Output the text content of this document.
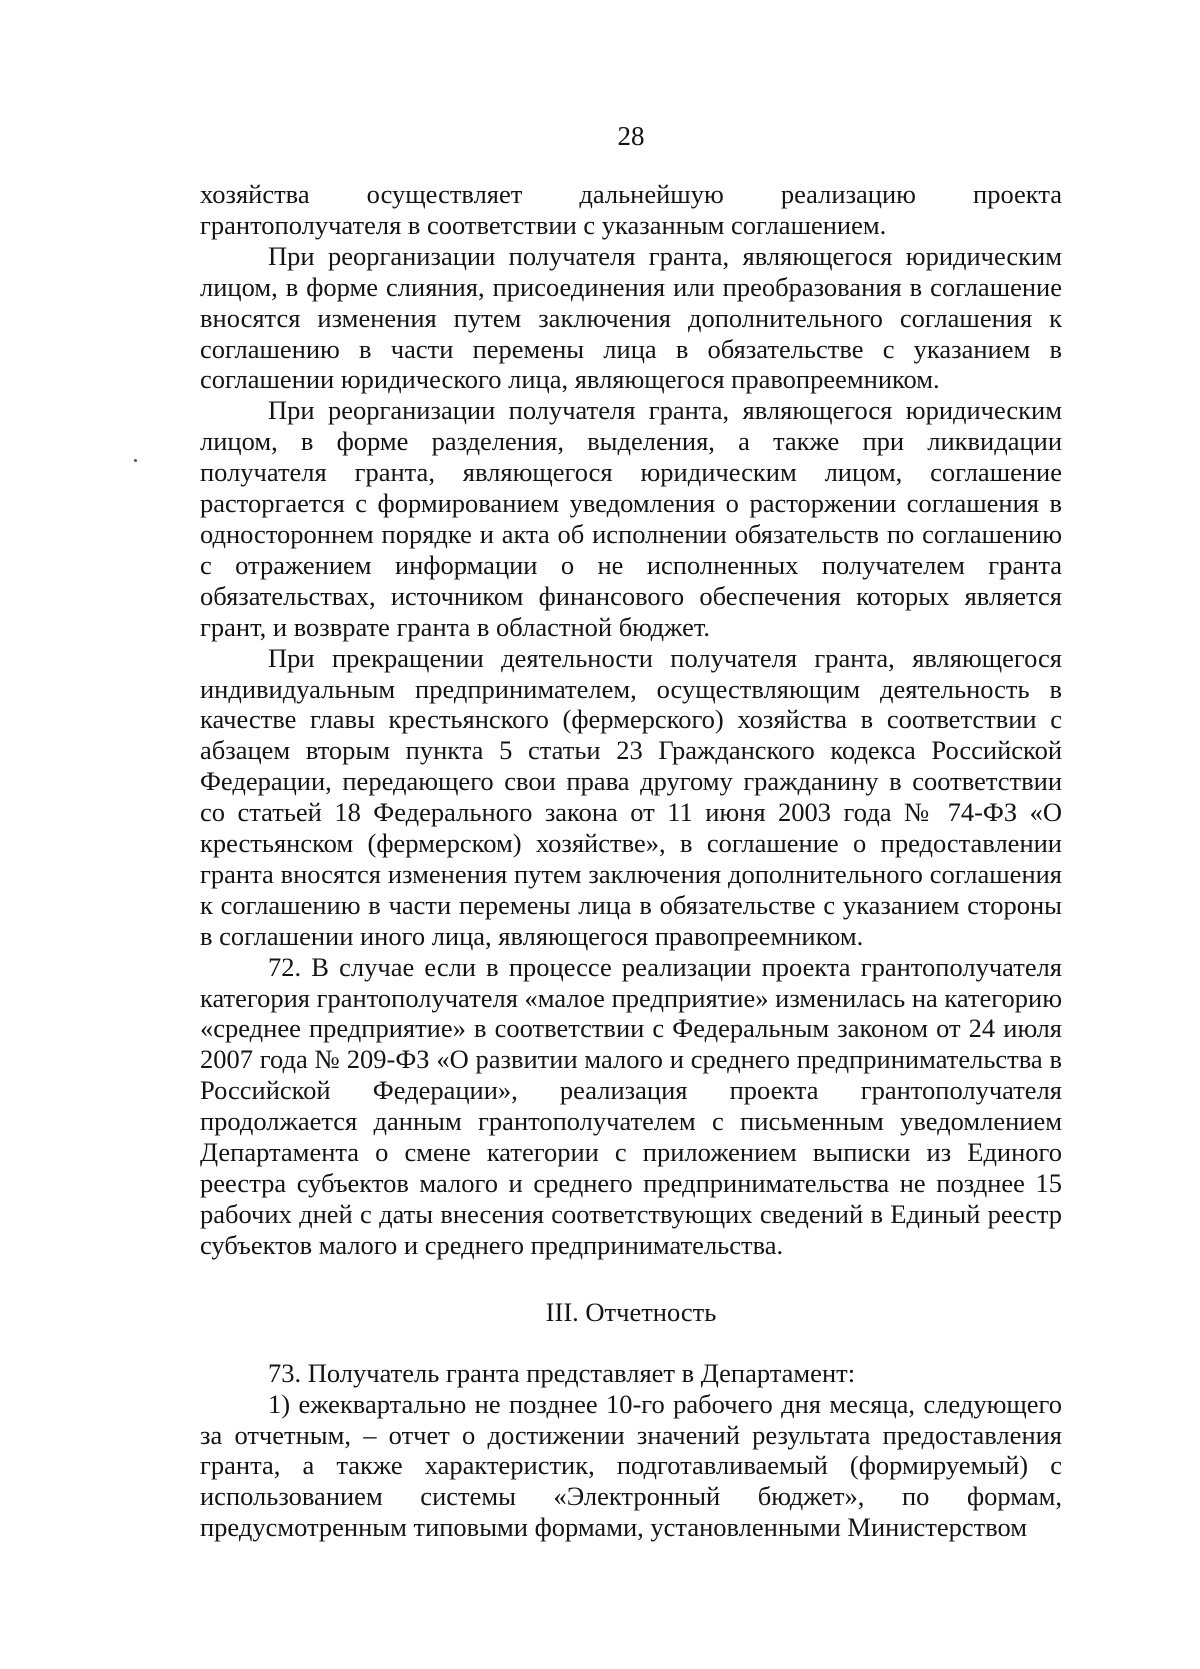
28

хозяйства осуществляет дальнейшую реализацию проекта грантополучателя в соответствии с указанным соглашением.

При реорганизации получателя гранта, являющегося юридическим лицом, в форме слияния, присоединения или преобразования в соглашение вносятся изменения путем заключения дополнительного соглашения к соглашению в части перемены лица в обязательстве с указанием в соглашении юридического лица, являющегося правопреемником.

При реорганизации получателя гранта, являющегося юридическим лицом, в форме разделения, выделения, а также при ликвидации получателя гранта, являющегося юридическим лицом, соглашение расторгается с формированием уведомления о расторжении соглашения в одностороннем порядке и акта об исполнении обязательств по соглашению с отражением информации о не исполненных получателем гранта обязательствах, источником финансового обеспечения которых является грант, и возврате гранта в областной бюджет.

При прекращении деятельности получателя гранта, являющегося индивидуальным предпринимателем, осуществляющим деятельность в качестве главы крестьянского (фермерского) хозяйства в соответствии с абзацем вторым пункта 5 статьи 23 Гражданского кодекса Российской Федерации, передающего свои права другому гражданину в соответствии со статьей 18 Федерального закона от 11 июня 2003 года № 74-ФЗ «О крестьянском (фермерском) хозяйстве», в соглашение о предоставлении гранта вносятся изменения путем заключения дополнительного соглашения к соглашению в части перемены лица в обязательстве с указанием стороны в соглашении иного лица, являющегося правопреемником.

72. В случае если в процессе реализации проекта грантополучателя категория грантополучателя «малое предприятие» изменилась на категорию «среднее предприятие» в соответствии с Федеральным законом от 24 июля 2007 года № 209-ФЗ «О развитии малого и среднего предпринимательства в Российской Федерации», реализация проекта грантополучателя продолжается данным грантополучателем с письменным уведомлением Департамента о смене категории с приложением выписки из Единого реестра субъектов малого и среднего предпринимательства не позднее 15 рабочих дней с даты внесения соответствующих сведений в Единый реестр субъектов малого и среднего предпринимательства.

III. Отчетность

73. Получатель гранта представляет в Департамент:

1) ежеквартально не позднее 10-го рабочего дня месяца, следующего за отчетным, – отчет о достижении значений результата предоставления гранта, а также характеристик, подготавливаемый (формируемый) с использованием системы «Электронный бюджет», по формам, предусмотренным типовыми формами, установленными Министерством
